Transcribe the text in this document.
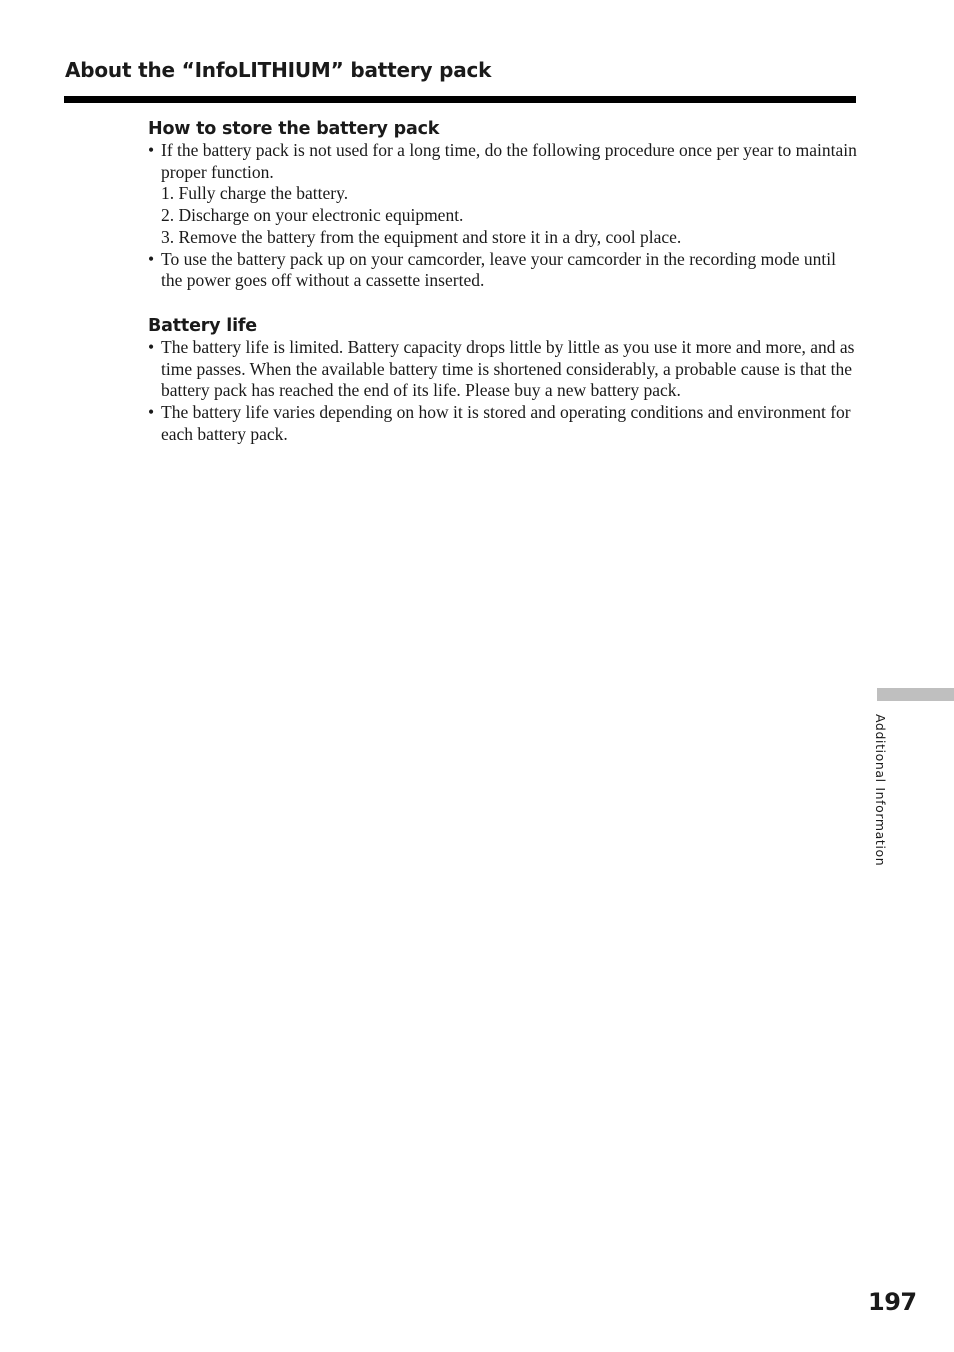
About the “InfoLITHIUM” battery pack
How to store the battery pack
• If the battery pack is not used for a long time, do the following procedure once per year to maintain proper function.
1. Fully charge the battery.
2. Discharge on your electronic equipment.
3. Remove the battery from the equipment and store it in a dry, cool place.
• To use the battery pack up on your camcorder, leave your camcorder in the recording mode until the power goes off without a cassette inserted.
Battery life
• The battery life is limited. Battery capacity drops little by little as you use it more and more, and as time passes. When the available battery time is shortened considerably, a probable cause is that the battery pack has reached the end of its life. Please buy a new battery pack.
• The battery life varies depending on how it is stored and operating conditions and environment for each battery pack.
Additional Information
197
